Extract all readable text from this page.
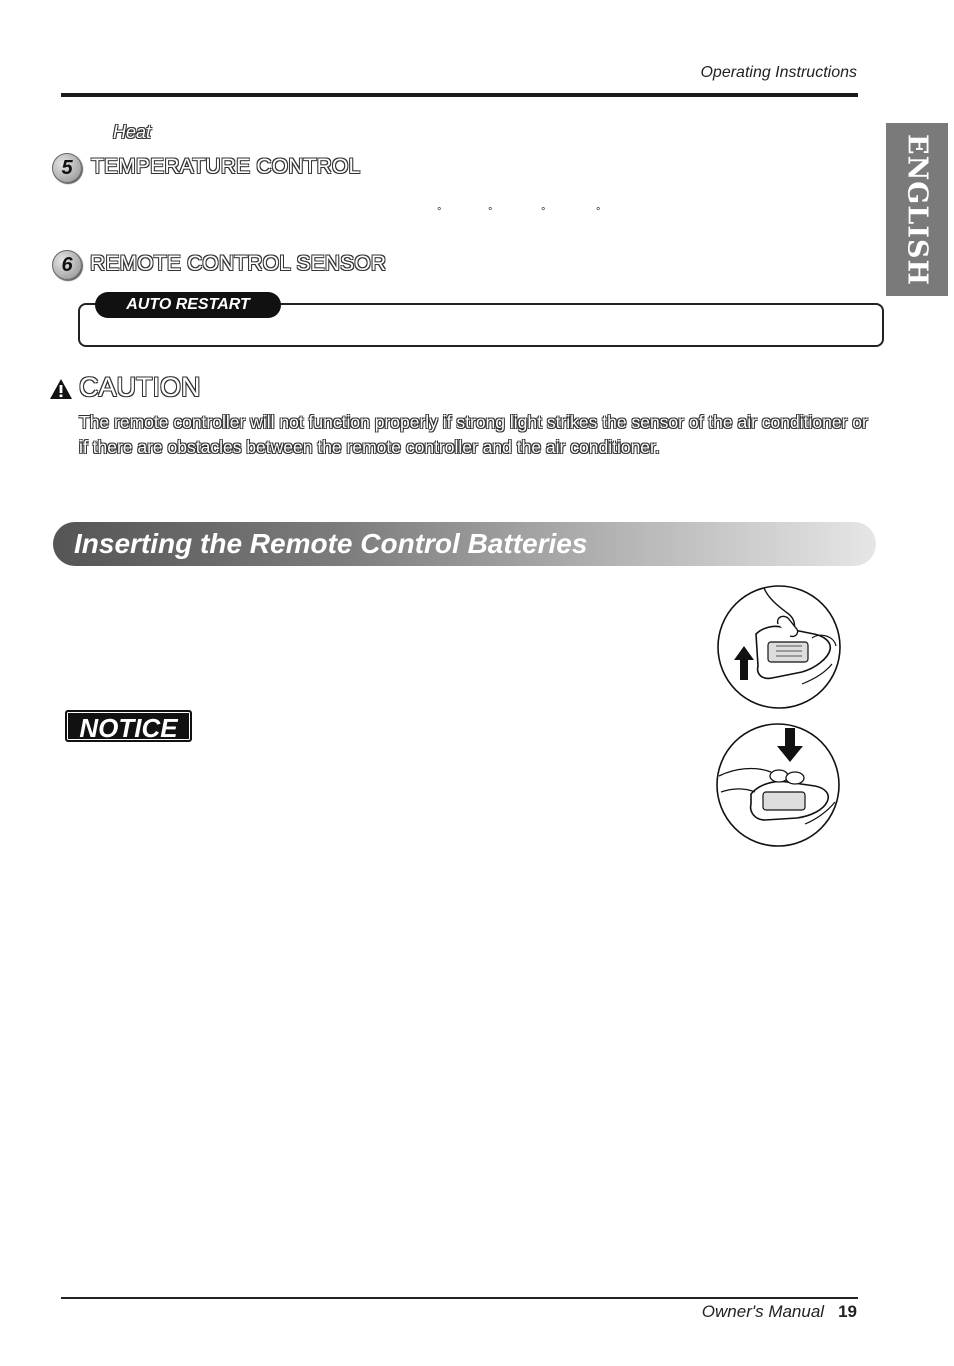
Operating Instructions
ENGLISH
Heat
5 TEMPERATURE CONTROL
°	°	°	°
6 REMOTE CONTROL SENSOR
AUTO RESTART
CAUTION
The remote controller will not function properly if strong light strikes the sensor of the air conditioner or if there are obstacles between the remote controller and the air conditioner.
Inserting the Remote Control Batteries
NOTICE
Owner's Manual 19
